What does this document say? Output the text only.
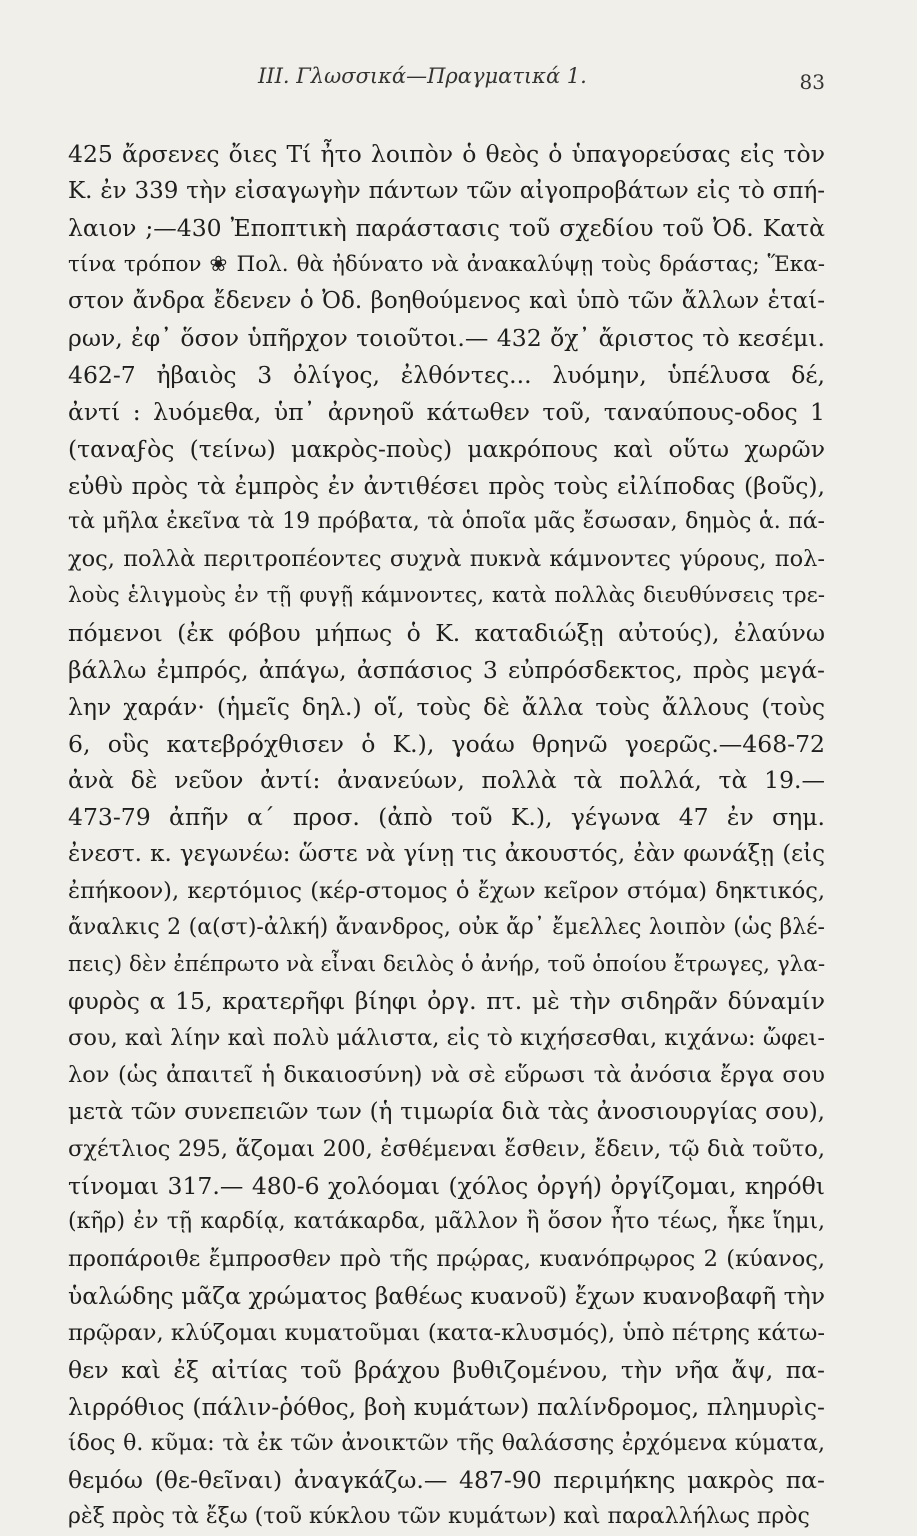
ΙΙΙ. Γλωσσικά—Πραγματικά 1.	83
425 ἄρσενες ὄιες Τί ἦτο λοιπὸν ὁ θεὸς ὁ ὑπαγορεύσας εἰς τὸν
Κ. ἐν 339 τὴν εἰσαγωγὴν πάντων τῶν αἰγοπροβάτων εἰς τὸ σπή-
λαιον ;—430 Ἐποπτικὴ παράστασις τοῦ σχεδίου τοῦ Ὀδ. Κατὰ
τίνα τρόπον ❀ Πολ. θὰ ἠδύνατο νὰ ἀνακαλύψῃ τοὺς δράστας; Ἕκα-
στον ἄνδρα ἔδενεν ὁ Ὀδ. βοηθούμενος καὶ ὑπὸ τῶν ἄλλων ἑταί-
ρων, ἐφ᾽ ὅσον ὑπῆρχον τοιοῦτοι.— 432 ὄχ᾽ ἄριστος τὸ κεσέμι.
462-7 ἠβαιὸς 3 ὀλίγος, ἐλθόντες... λυόμην, ὑπέλυσα δέ,
ἀντί : λυόμεθα, ὑπ᾽ ἀρνηοῦ κάτωθεν τοῦ, ταναύπους-οδος 1
(ταναϝὸς (τείνω) μακρὸς-ποὺς) μακρόπους καὶ οὕτω χωρῶν
εὐθὺ πρὸς τὰ ἐμπρὸς ἐν ἀντιθέσει πρὸς τοὺς εἰλίποδας (βοῦς),
τὰ μῆλα ἐκεῖνα τὰ 19 πρόβατα, τὰ ὁποῖα μᾶς ἔσωσαν, δημὸς ἁ. πά-
χος, πολλὰ περιτροπέοντες συχνὰ πυκνὰ κάμνοντες γύρους, πολ-
λοὺς ἑλιγμοὺς ἐν τῇ φυγῇ κάμνοντες, κατὰ πολλὰς διευθύνσεις τρε-
πόμενοι (ἐκ φόβου μήπως ὁ Κ. καταδιώξῃ αὐτούς), ἐλαύνω
βάλλω ἐμπρός, ἀπάγω, ἀσπάσιος 3 εὐπρόσδεκτος, πρὸς μεγά-
λην χαράν· (ἡμεῖς δηλ.) οἵ, τοὺς δὲ ἄλλα τοὺς ἄλλους (τοὺς
6, οὓς κατεβρόχθισεν ὁ Κ.), γοάω θρηνῶ γοερῶς.—468-72
ἀνὰ δὲ νεῦον ἀντί: ἀνανεύων, πολλὰ τὰ πολλά, τὰ 19.—
473-79 ἀπῆν α´ προσ. (ἀπὸ τοῦ Κ.), γέγωνα 47 ἐν σημ.
ἐνεστ. κ. γεγωνέω: ὥστε νὰ γίνῃ τις ἀκουστός, ἐὰν φωνάξῃ (εἰς
ἐπήκοον), κερτόμιος (κέρ-στομος ὁ ἔχων κεῖρον στόμα) δηκτικός,
ἄναλκις 2 (α(στ)-ἀλκή) ἄνανδρος, οὐκ ἄρ᾽ ἔμελλες λοιπὸν (ὡς βλέ-
πεις) δὲν ἐπέπρωτο νὰ εἶναι δειλὸς ὁ ἀνήρ, τοῦ ὁποίου ἔτρωγες, γλα-
φυρὸς α 15, κρατερῆφι βίηφι ὀργ. πτ. μὲ τὴν σιδηρᾶν δύναμίν
σου, καὶ λίην καὶ πολὺ μάλιστα, εἰς τὸ κιχήσεσθαι, κιχάνω: ὤφει-
λον (ὡς ἀπαιτεῖ ἡ δικαιοσύνη) νὰ σὲ εὕρωσι τὰ ἀνόσια ἔργα σου
μετὰ τῶν συνεπειῶν των (ἡ τιμωρία διὰ τὰς ἀνοσιουργίας σου),
σχέτλιος 295, ἅζομαι 200, ἐσθέμεναι ἔσθειν, ἔδειν, τῷ διὰ τοῦτο,
τίνομαι 317.— 480-6 χολόομαι (χόλος ὀργή) ὀργίζομαι, κηρόθι
(κῆρ) ἐν τῇ καρδίᾳ, κατάκαρδα, μᾶλλον ἢ ὅσον ἦτο τέως, ἧκε ἵημι,
προπάροιθε ἔμπροσθεν πρὸ τῆς πρῴρας, κυανόπρῳρος 2 (κύανος,
ὑαλώδης μᾶζα χρώματος βαθέως κυανοῦ) ἔχων κυανοβαφῆ τὴν
πρῷραν, κλύζομαι κυματοῦμαι (κατα-κλυσμός), ὑπὸ πέτρης κάτω-
θεν καὶ ἐξ αἰτίας τοῦ βράχου βυθιζομένου, τὴν νῆα ἄψ, πα-
λιρρόθιος (πάλιν-ῥόθος, βοὴ κυμάτων) παλίνδρομος, πλημυρὶς-
ίδος θ. κῦμα: τὰ ἐκ τῶν ἀνοικτῶν τῆς θαλάσσης ἐρχόμενα κύματα,
θεμόω (θε-θεῖναι) ἀναγκάζω.— 487-90 περιμήκης μακρὸς πα-
ρὲξ πρὸς τὰ ἔξω (τοῦ κύκλου τῶν κυμάτων) καὶ παραλλήλως πρὸς
